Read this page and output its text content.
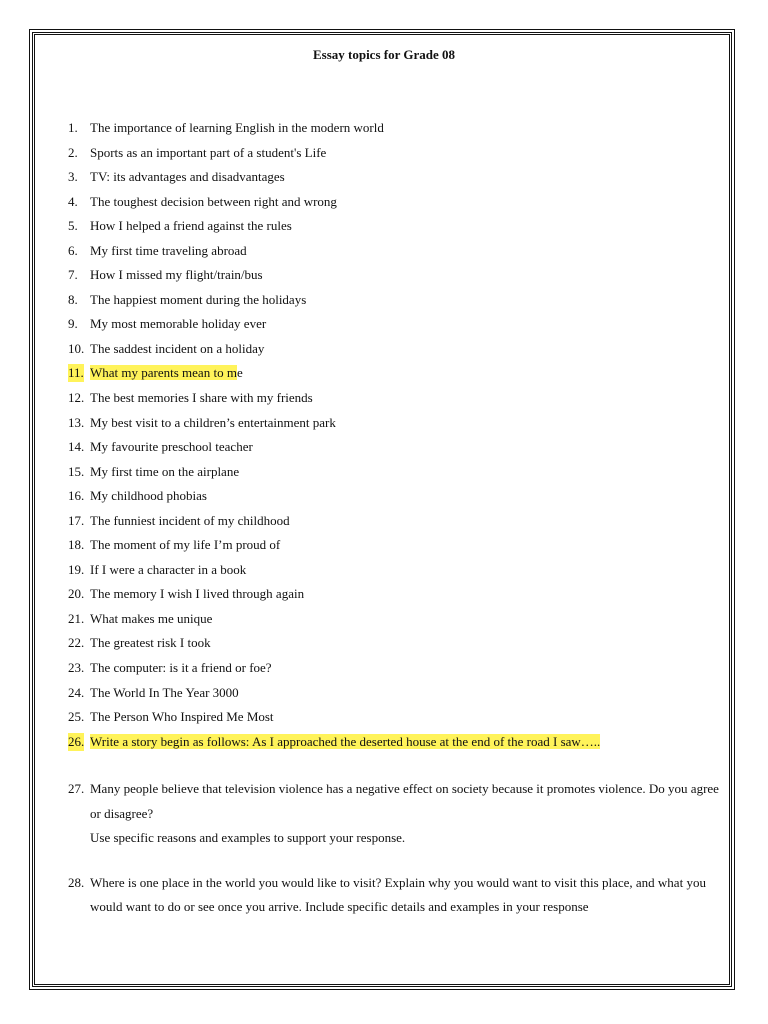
Essay topics for Grade 08
1. The importance of learning English in the modern world
2. Sports as an important part of a student's Life
3. TV: its advantages and disadvantages
4. The toughest decision between right and wrong
5. How I helped a friend against the rules
6. My first time traveling abroad
7. How I missed my flight/train/bus
8. The happiest moment during the holidays
9. My most memorable holiday ever
10. The saddest incident on a holiday
11. What my parents mean to me
12. The best memories I share with my friends
13. My best visit to a children’s entertainment park
14. My favourite preschool teacher
15. My first time on the airplane
16. My childhood phobias
17. The funniest incident of my childhood
18. The moment of my life I’m proud of
19. If I were a character in a book
20. The memory I wish I lived through again
21. What makes me unique
22. The greatest risk I took
23. The computer: is it a friend or foe?
24. The World In The Year 3000
25. The Person Who Inspired Me Most
26. Write a story begin as follows: As I approached the deserted house at the end of the road I saw…..
27. Many people believe that television violence has a negative effect on society because it promotes violence. Do you agree or disagree?
Use specific reasons and examples to support your response.
28. Where is one place in the world you would like to visit? Explain why you would want to visit this place, and what you would want to do or see once you arrive. Include specific details and examples in your response
